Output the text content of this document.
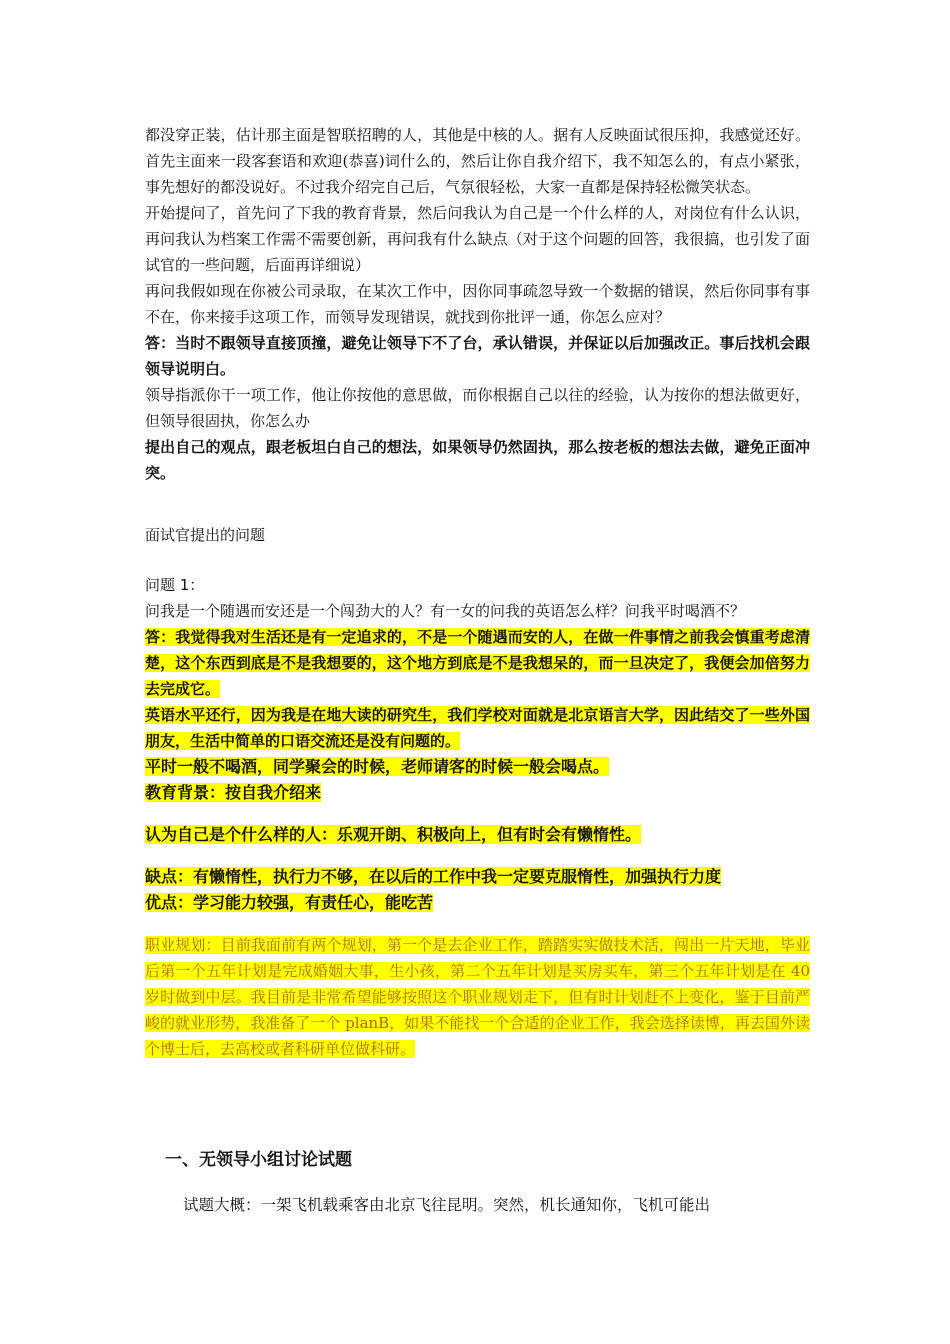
都没穿正装，估计那主面是智联招聘的人，其他是中核的人。据有人反映面试很压抑，我感觉还好。首先主面来一段客套语和欢迎(恭喜)词什么的，然后让你自我介绍下，我不知怎么的，有点小紧张，事先想好的都没说好。不过我介绍完自己后，气氛很轻松，大家一直都是保持轻松微笑状态。

开始提问了，首先问了下我的教育背景，然后问我认为自己是一个什么样的人，对岗位有什么认识，再问我认为档案工作需不需要创新，再问我有什么缺点（对于这个问题的回答，我很搞，也引发了面试官的一些问题，后面再详细说）

再问我假如现在你被公司录取，在某次工作中，因你同事疏忽导致一个数据的错误，然后你同事有事不在，你来接手这项工作，而领导发现错误，就找到你批评一通，你怎么应对？

答：当时不跟领导直接顶撞，避免让领导下不了台，承认错误，并保证以后加强改正。事后找机会跟领导说明白。

领导指派你干一项工作，他让你按他的意思做，而你根据自己以往的经验，认为按你的想法做更好，但领导很固执，你怎么办

提出自己的观点，跟老板坦白自己的想法，如果领导仍然固执，那么按老板的想法去做，避免正面冲突。

面试官提出的问题

问题 1：

问我是一个随遇而安还是一个闯劲大的人？有一女的问我的英语怎么样？问我平时喝酒不？

答：我觉得我对生活还是有一定追求的，不是一个随遇而安的人，在做一件事情之前我会慎重考虑清楚，这个东西到底是不是我想要的，这个地方到底是不是我想呆的，而一旦决定了，我便会加倍努力去完成它。

英语水平还行，因为我是在地大读的研究生，我们学校对面就是北京语言大学，因此结交了一些外国朋友，生活中简单的口语交流还是没有问题的。

平时一般不喝酒，同学聚会的时候，老师请客的时候一般会喝点。

教育背景：按自我介绍来

认为自己是个什么样的人：乐观开朗、积极向上，但有时会有懒惰性。

缺点：有懒惰性，执行力不够，在以后的工作中我一定要克服惰性，加强执行力度

优点：学习能力较强，有责任心，能吃苦

职业规划：目前我面前有两个规划，第一个是去企业工作，踏踏实实做技术活，闯出一片天地，毕业后第一个五年计划是完成婚姻大事，生小孩，第二个五年计划是买房买车，第三个五年计划是在 40 岁时做到中层。我目前是非常希望能够按照这个职业规划走下，但有时计划赶不上变化，鉴于目前严峻的就业形势，我准备了一个 planB，如果不能找一个合适的企业工作，我会选择读博，再去国外读个博士后，去高校或者科研单位做科研。

一、无领导小组讨论试题
试题大概：一架飞机载乘客由北京飞往昆明。突然，机长通知你，飞机可能出
